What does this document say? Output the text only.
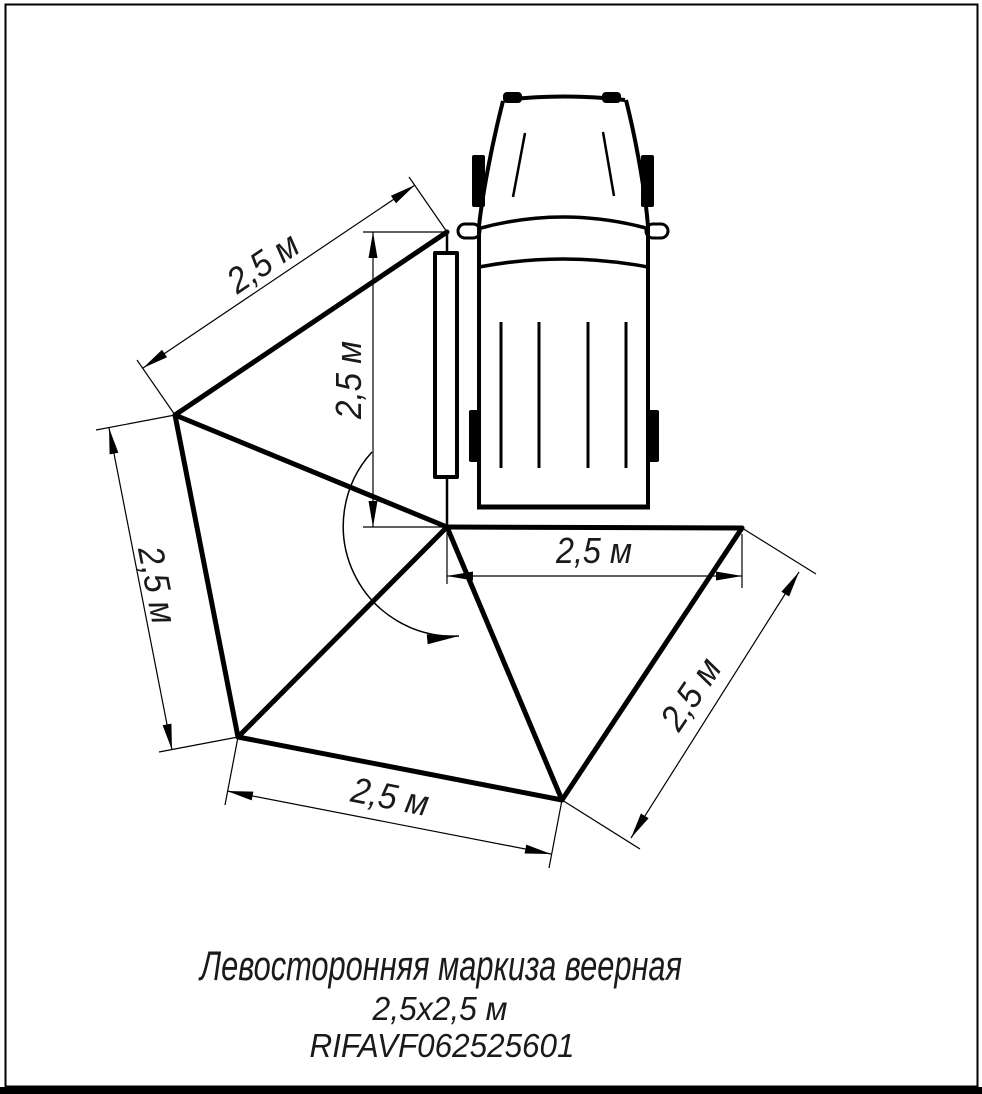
2,5 м
2,5 м
2,5 м
2,5 м
2,5 м
2,5 м
Левосторонняя маркиза веерная
2,5х2,5 м
RIFAVF062525601
